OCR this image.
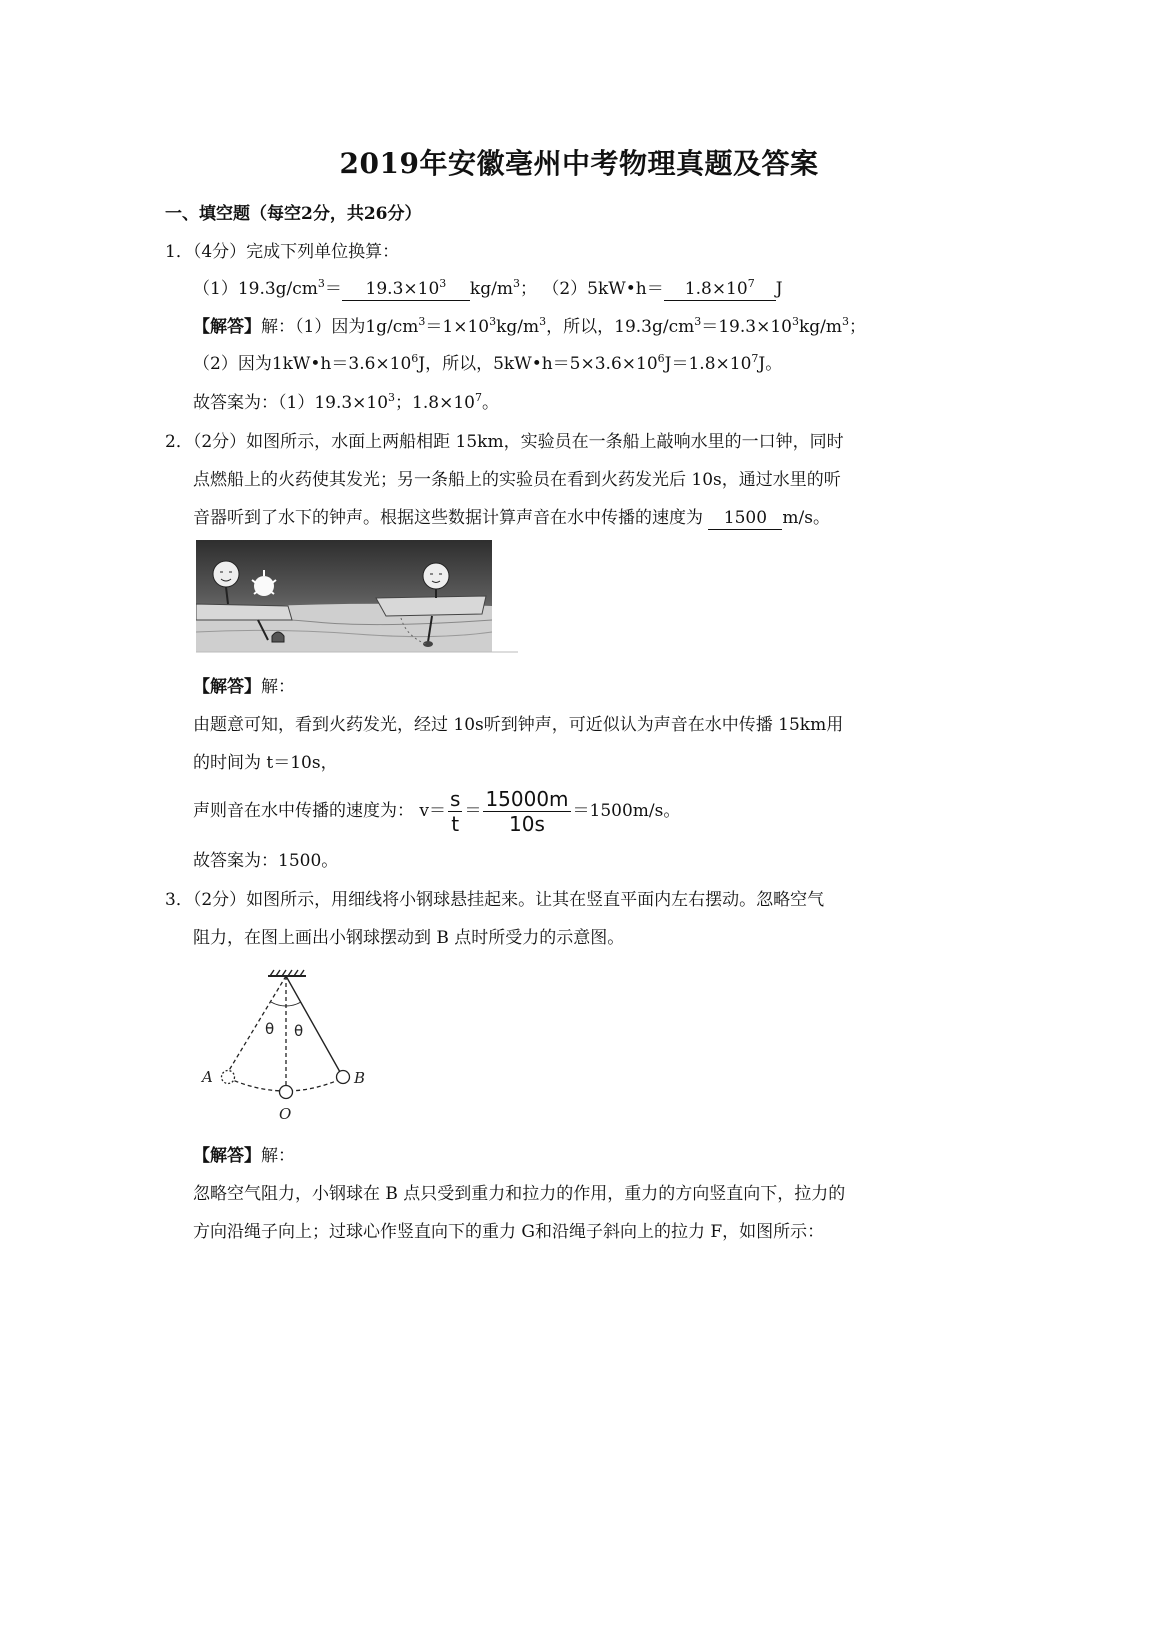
2019年安徽亳州中考物理真题及答案
一、填空题（每空2分，共26分）
1．（4分）完成下列单位换算：
$(1)19.3g/cm^3= 19.3\times 10^3$ $kg/m^3$； （2）5kW•h＝ $1.8\times 10^7$ J
【解答】解：（1）因为$1g/cm^3=1\times 10^3kg/m^3$，所以，$19.3g/cm^3=19.3\times 10^3kg/m^3$；
（2）因为$1kW•h=3.6\times 10^6J$，所以，$5kW•h=5\times 3.6\times 10^6J=1.8\times 10^7J$。
故答案为：$(1)19.3\times 10^3$；$1.8\times 10^7$。
2．（2分）如图所示，水面上两船相距 15km，实验员在一条船上敲响水里的一口钟，同时
点燃船上的火药使其发光；另一条船上的实验员在看到火药发光后 10s，通过水里的听
音器听到了水下的钟声。根据这些数据计算声音在水中传播的速度为 1500 m/s。
【解答】解：
由题意可知，看到火药发光，经过 10s听到钟声，可近似认为声音在水中传播 15km用
的时间为 t＝10s，
声则音在水中传播的速度为： $v= \frac{s}{t} = \frac{15000m}{10s} =1500m/s$。
故答案为：1500。
3．（2分）如图所示，用细线将小钢球悬挂起来。让其在竖直平面内左右摆动。忽略空气
阻力，在图上画出小钢球摆动到 B 点时所受力的示意图。
θ θ
A	B
O
【解答】解：
忽略空气阻力，小钢球在 B 点只受到重力和拉力的作用，重力的方向竖直向下，拉力的
方向沿绳子向上；过球心作竖直向下的重力 G和沿绳子斜向上的拉力 F，如图所示：
